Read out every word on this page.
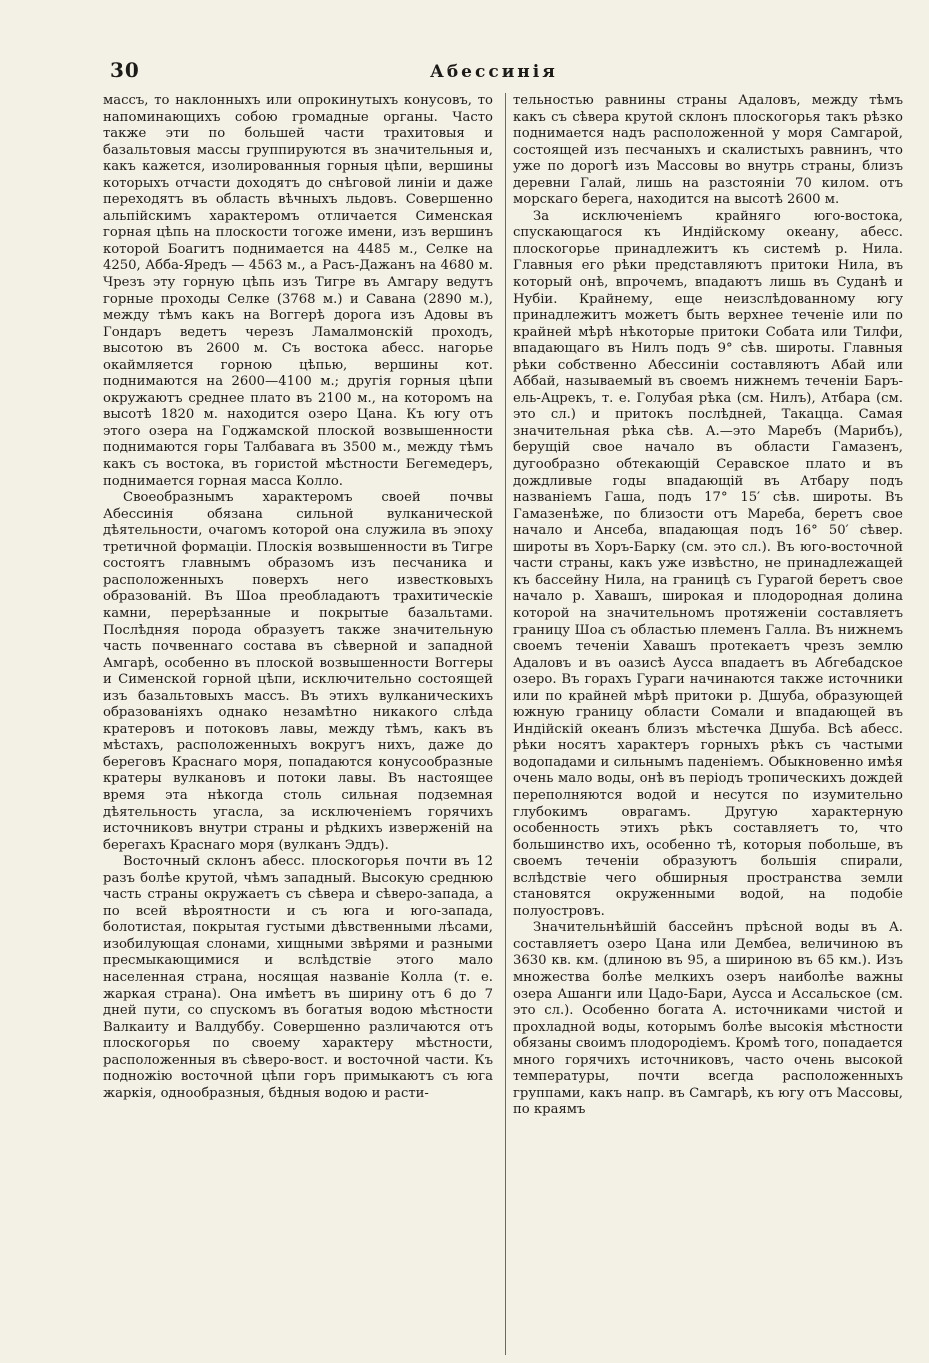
30	Абессинія

массъ, то наклонныхъ или опрокинутыхъ конусовъ, то напоминающихъ собою громадные органы. Часто также эти по большей части трахитовыя и базальтовыя массы группируются въ значительныя и, какъ кажется, изолированныя горныя цѣпи, вершины которыхъ отчасти доходятъ до снѣговой линіи и даже переходятъ въ область вѣчныхъ льдовъ. Совершенно альпійскимъ характеромъ отличается Сименская горная цѣпь на плоскости тогоже имени, изъ вершинъ которой Боагитъ поднимается на 4485 м., Селке на 4250, Абба-Яредъ — 4563 м., а Расъ-Дажанъ на 4680 м. Чрезъ эту горную цѣпь изъ Тигре въ Амгару ведутъ горные проходы Селке (3768 м.) и Савана (2890 м.), между тѣмъ какъ на Воггерѣ дорога изъ Адовы въ Гондаръ ведетъ черезъ Ламалмонскій проходъ, высотою въ 2600 м. Съ востока абесс. нагорье окаймляется горною цѣпью, вершины кот. поднимаются на 2600—4100 м.; другія горныя цѣпи окружаютъ среднее плато въ 2100 м., на которомъ на высотѣ 1820 м. находится озеро Цана. Къ югу отъ этого озера на Годжамской плоской возвышенности поднимаются горы Талбавага въ 3500 м., между тѣмъ какъ съ востока, въ гористой мѣстности Бегемедеръ, поднимается горная масса Колло.

Своеобразнымъ характеромъ своей почвы Абессинія обязана сильной вулканической дѣятельности, очагомъ которой она служила въ эпоху третичной формаціи. Плоскія возвышенности въ Тигре состоятъ главнымъ образомъ изъ песчаника и расположенныхъ поверхъ него известковыхъ образованій. Въ Шоа преобладаютъ трахитическіе камни, перерѣзанные и покрытые базальтами. Послѣдняя порода образуетъ также значительную часть почвеннаго состава въ сѣверной и западной Амгарѣ, особенно въ плоской возвышенности Воггеры и Сименской горной цѣпи, исключительно состоящей изъ базальтовыхъ массъ. Въ этихъ вулканическихъ образованіяхъ однако незамѣтно никакого слѣда кратеровъ и потоковъ лавы, между тѣмъ, какъ въ мѣстахъ, расположенныхъ вокругъ нихъ, даже до береговъ Краснаго моря, попадаются конусообразные кратеры вулкановъ и потоки лавы. Въ настоящее время эта нѣкогда столь сильная подземная дѣятельность угасла, за исключеніемъ горячихъ источниковъ внутри страны и рѣдкихъ изверженій на берегахъ Краснаго моря (вулканъ Эддъ).

Восточный склонъ абесс. плоскогорья почти въ 12 разъ болѣе крутой, чѣмъ западный. Высокую среднюю часть страны окружаетъ съ сѣвера и сѣверо-запада, а по всей вѣроятности и съ юга и юго-запада, болотистая, покрытая густыми дѣвственными лѣсами, изобилующая слонами, хищными звѣрями и разными пресмыкающимися и вслѣдствіе этого мало населенная страна, носящая названіе Колла (т. е. жаркая страна). Она имѣетъ въ ширину отъ 6 до 7 дней пути, со спускомъ въ богатыя водою мѣстности Валкаиту и Валдуббу. Совершенно различаются отъ плоскогорья по своему характеру мѣстности, расположенныя въ сѣверо-вост. и восточной части. Къ подножію восточной цѣпи горъ примыкаютъ съ юга жаркія, однообразныя, бѣдныя водою и расти-

тельностью равнины страны Адаловъ, между тѣмъ какъ съ сѣвера крутой склонъ плоскогорья такъ рѣзко поднимается надъ расположенной у моря Самгарой, состоящей изъ песчаныхъ и скалистыхъ равнинъ, что уже по дорогѣ изъ Массовы во внутрь страны, близъ деревни Галай, лишь на разстояніи 70 килом. отъ морскаго берега, находится на высотѣ 2600 м.

За исключеніемъ крайняго юго-востока, спускающагося къ Индійскому океану, абесс. плоскогорье принадлежитъ къ системѣ р. Нила. Главныя его рѣки представляютъ притоки Нила, въ который онѣ, впрочемъ, впадаютъ лишь въ Суданѣ и Нубіи. Крайнему, еще неизслѣдованному югу принадлежитъ можетъ быть верхнее теченіе или по крайней мѣрѣ нѣкоторые притоки Собата или Тилфи, впадающаго въ Нилъ подъ 9° сѣв. широты. Главныя рѣки собственно Абессиніи составляютъ Абай или Аббай, называемый въ своемъ нижнемъ теченіи Баръ-ель-Ацрекъ, т. е. Голубая рѣка (см. Нилъ), Атбара (см. это сл.) и притокъ послѣдней, Такацца. Самая значительная рѣка сѣв. А.—это Маребъ (Марибъ), берущій свое начало въ области Гамазенъ, дугообразно обтекающій Серавское плато и въ дождливые годы впадающій въ Атбару подъ названіемъ Гаша, подъ 17° 15′ сѣв. широты. Въ Гамазенѣже, по близости отъ Мареба, беретъ свое начало и Ансеба, впадающая подъ 16° 50′ сѣвер. широты въ Хоръ-Барку (см. это сл.). Въ юго-восточной части страны, какъ уже извѣстно, не принадлежащей къ бассейну Нила, на границѣ съ Гурагой беретъ свое начало р. Хавашъ, широкая и плодородная долина которой на значительномъ протяженіи составляетъ границу Шоа съ областью племенъ Галла. Въ нижнемъ своемъ теченіи Хавашъ протекаетъ чрезъ землю Адаловъ и въ оазисѣ Аусса впадаетъ въ Абгебадское озеро. Въ горахъ Гураги начинаются также источники или по крайней мѣрѣ притоки р. Дшуба, образующей южную границу области Сомали и впадающей въ Индійскій океанъ близъ мѣстечка Дшуба. Всѣ абесс. рѣки носятъ характеръ горныхъ рѣкъ съ частыми водопадами и сильнымъ паденіемъ. Обыкновенно имѣя очень мало воды, онѣ въ періодъ тропическихъ дождей переполняются водой и несутся по изумительно глубокимъ оврагамъ. Другую характерную особенность этихъ рѣкъ составляетъ то, что большинство ихъ, особенно тѣ, которыя побольше, въ своемъ теченіи образуютъ большія спирали, вслѣдствіе чего обширныя пространства земли становятся окруженными водой, на подобіе полуостровъ.

Значительнѣйшій бассейнъ прѣсной воды въ А. составляетъ озеро Цана или Дембеа, величиною въ 3630 кв. км. (длиною въ 95, а шириною въ 65 км.). Изъ множества болѣе мелкихъ озеръ наиболѣе важны озера Ашанги или Цадо-Бари, Аусса и Ассальское (см. это сл.). Особенно богата А. источниками чистой и прохладной воды, которымъ болѣе высокія мѣстности обязаны своимъ плодородіемъ. Кромѣ того, попадается много горячихъ источниковъ, часто очень высокой температуры, почти всегда расположенныхъ группами, какъ напр. въ Самгарѣ, къ югу отъ Массовы, по краямъ
